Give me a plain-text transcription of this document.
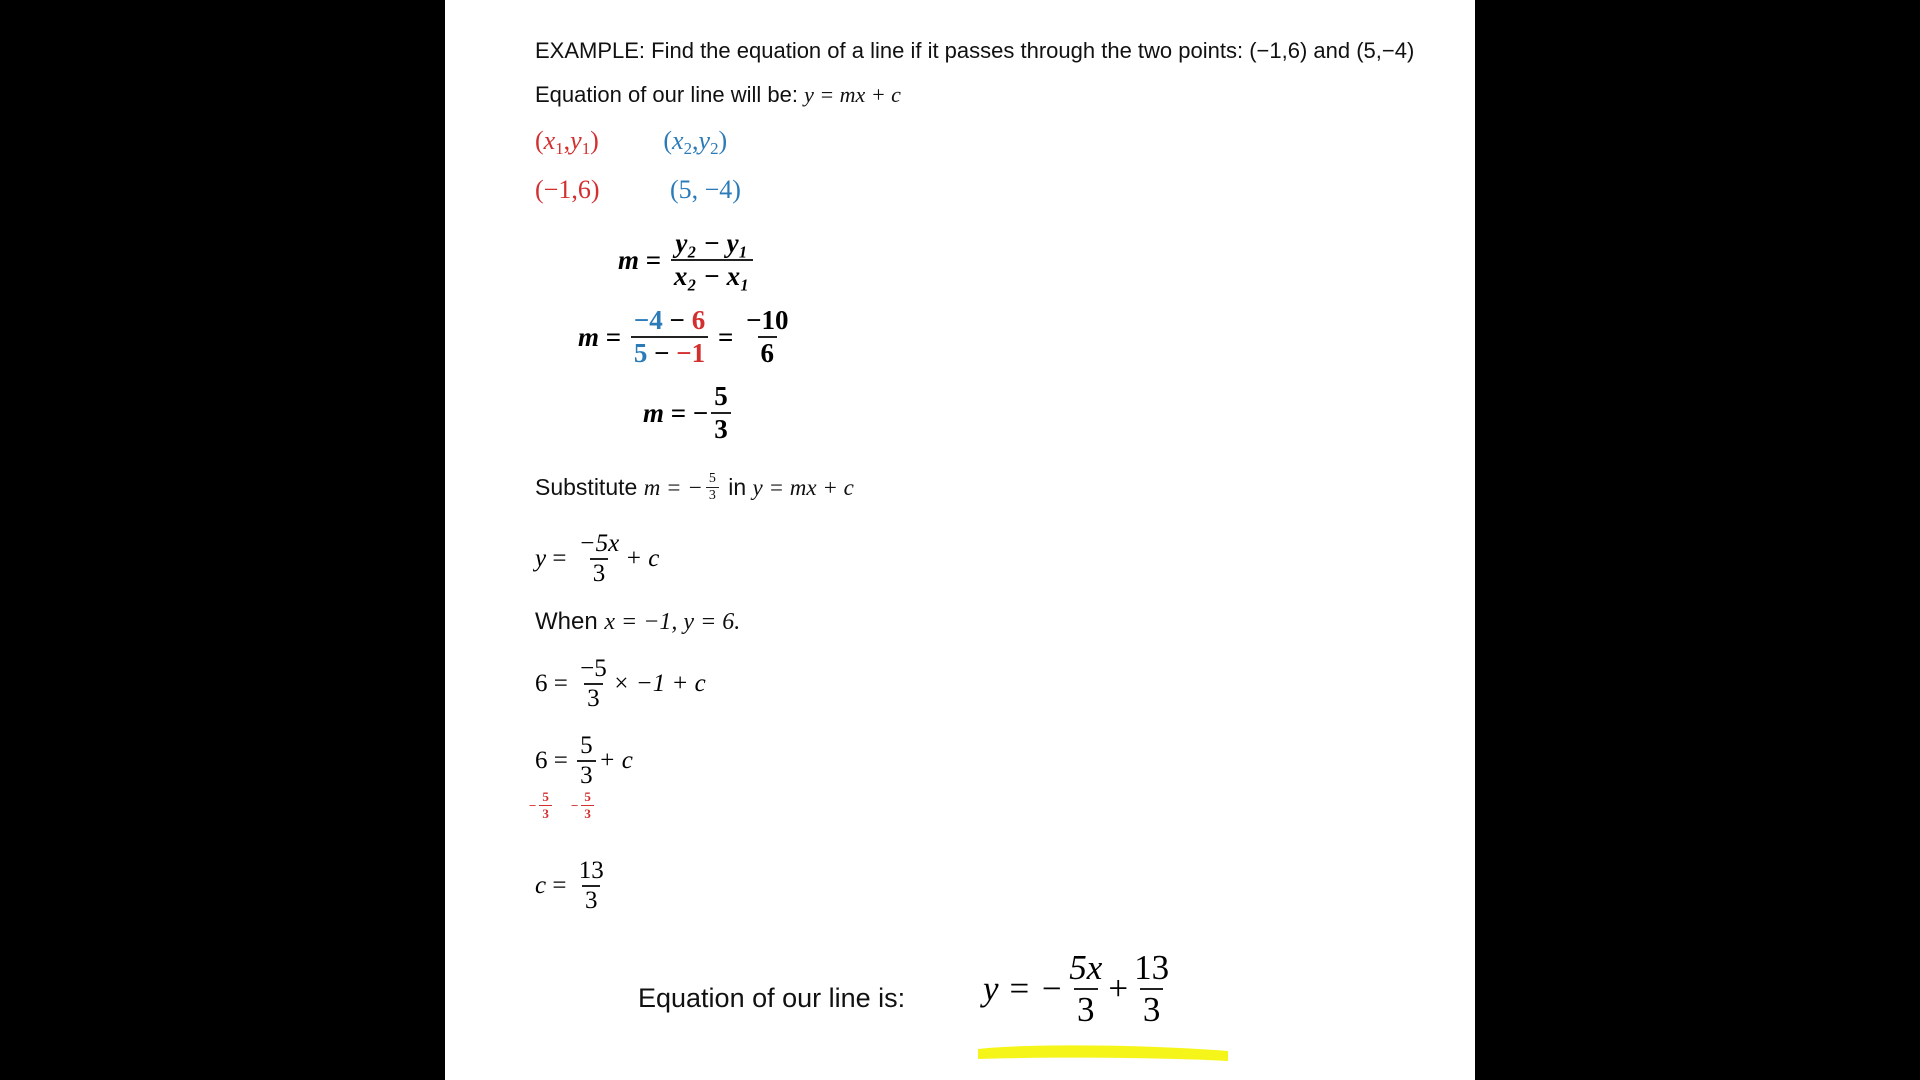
EXAMPLE: Find the equation of a line if it passes through the two points: (−1,6) and (5,−4)
Equation of our line will be: y = mx + c
$(x_1,y_1)$ $(x_2,y_2)$
(−1,6)	(5, −4)
$m = \frac{\text{y₂ − y₁}}{\text{x₂ − x₁}}$
$m = \frac{-4 - 6}{5 - -1} = \frac{-10}{6}$
m = − $\frac{5}{3}$
Substitute
m = − $\frac{5}{3}$
in
y = mx + c
$y = \frac{-5x}{3} + c$
When
x = −1, y = 6.
$6 = \frac{-5}{3} \times -1 + c$
$6 = \frac{5}{3} + c$
− $\frac{5}{3} - \frac{5}{3}$
$c = \frac{13}{3}$
Equation of our line is: y = − $\frac{5x}{3} + \frac{13}{3}$
